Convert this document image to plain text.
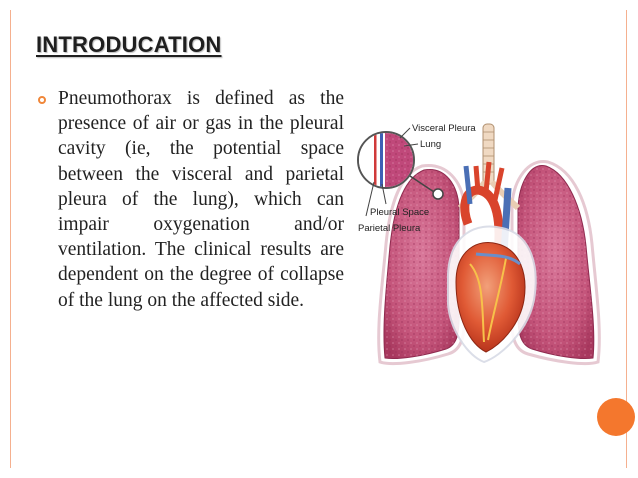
INTRODUCATION
Pneumothorax is defined as the presence of air or gas in the pleural cavity (ie, the potential space between the visceral and parietal pleura of the lung), which can impair oxygenation and/or ventilation. The clinical results are dependent on the degree of collapse of the lung on the affected side.
Visceral Pleura
Lung
Pleural Space
Parietal Pleura
